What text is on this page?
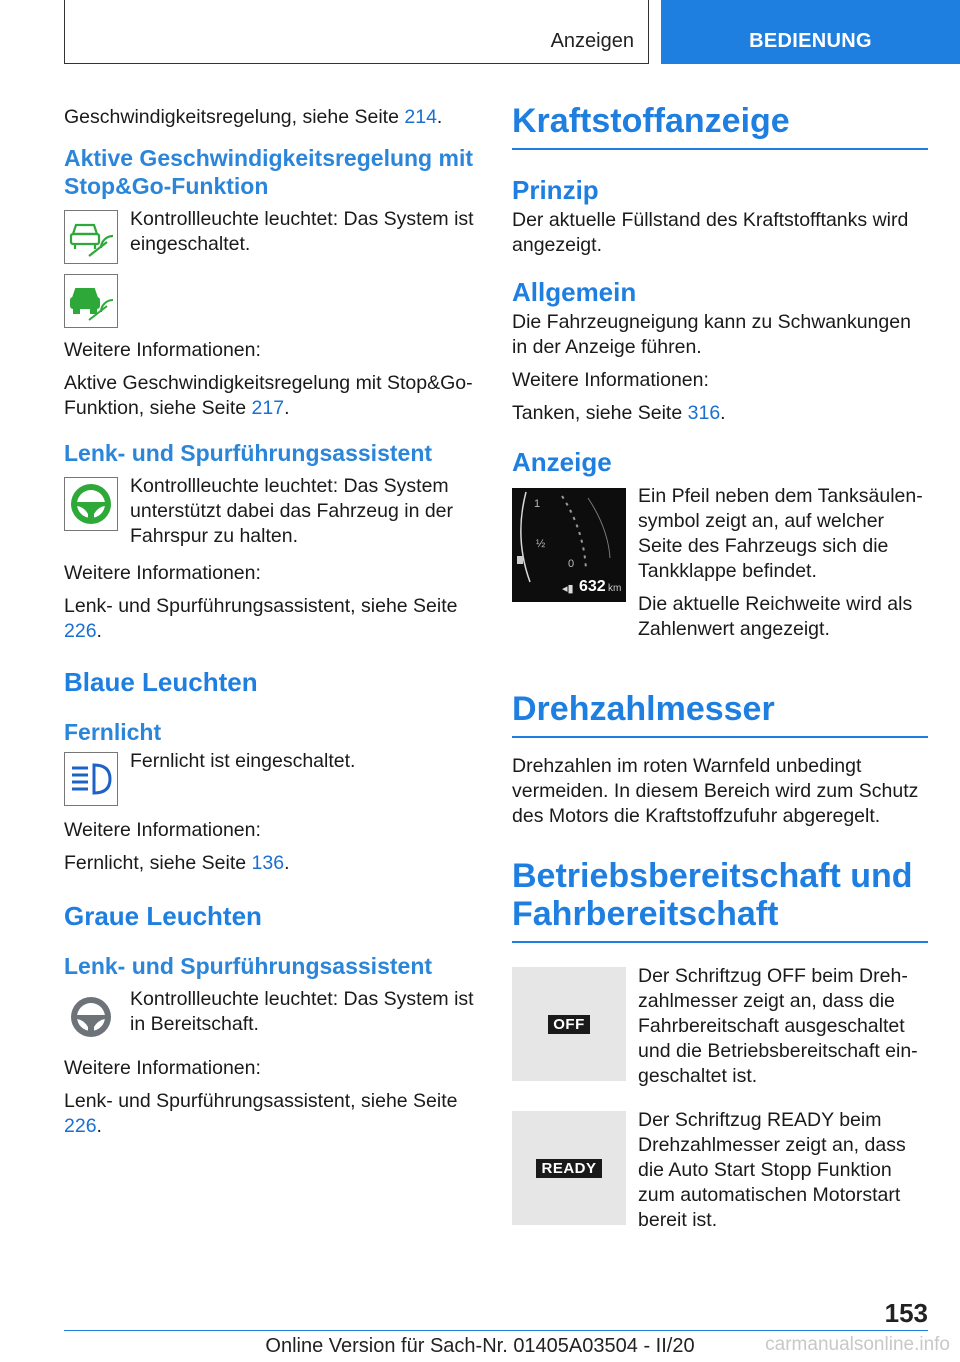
Anzeigen	BEDIENUNG

Geschwindigkeitsregelung, siehe Seite 214.

Aktive Geschwindigkeitsregelung mit Stop&Go-Funktion

Kontrollleuchte leuchtet: Das System ist eingeschaltet.

Weitere Informationen:

Aktive Geschwindigkeitsregelung mit Stop&Go-Funktion, siehe Seite 217.

Lenk- und Spurführungsassistent

Kontrollleuchte leuchtet: Das System unterstützt dabei das Fahrzeug in der Fahrspur zu halten.

Weitere Informationen:

Lenk- und Spurführungsassistent, siehe Seite 226.

Blaue Leuchten
Fernlicht

Fernlicht ist eingeschaltet.

Weitere Informationen:

Fernlicht, siehe Seite 136.

Graue Leuchten
Lenk- und Spurführungsassistent

Kontrollleuchte leuchtet: Das System ist in Bereitschaft.

Weitere Informationen:

Lenk- und Spurführungsassistent, siehe Seite 226.

Kraftstoffanzeige
Prinzip

Der aktuelle Füllstand des Kraftstofftanks wird angezeigt.

Allgemein

Die Fahrzeugneigung kann zu Schwankungen in der Anzeige führen.

Weitere Informationen:

Tanken, siehe Seite 316.

Anzeige
1
½
0
◂▮ 632 km

Ein Pfeil neben dem Tanksäulensymbol zeigt an, auf welcher Seite des Fahrzeugs sich die Tankklappe befindet.

Die aktuelle Reichweite wird als Zahlenwert angezeigt.

Drehzahlmesser

Drehzahlen im roten Warnfeld unbedingt vermeiden. In diesem Bereich wird zum Schutz des Motors die Kraftstoffzufuhr abgeregelt.

Betriebsbereitschaft und Fahrbereitschaft
OFF

Der Schriftzug OFF beim Drehzahlmesser zeigt an, dass die Fahrbereitschaft ausgeschaltet und die Betriebsbereitschaft eingeschaltet ist.

READY

Der Schriftzug READY beim Drehzahlmesser zeigt an, dass die Auto Start Stopp Funktion zum automatischen Motorstart bereit ist.

153
Online Version für Sach-Nr. 01405A03504 - II/20	carmanualsonline.info
